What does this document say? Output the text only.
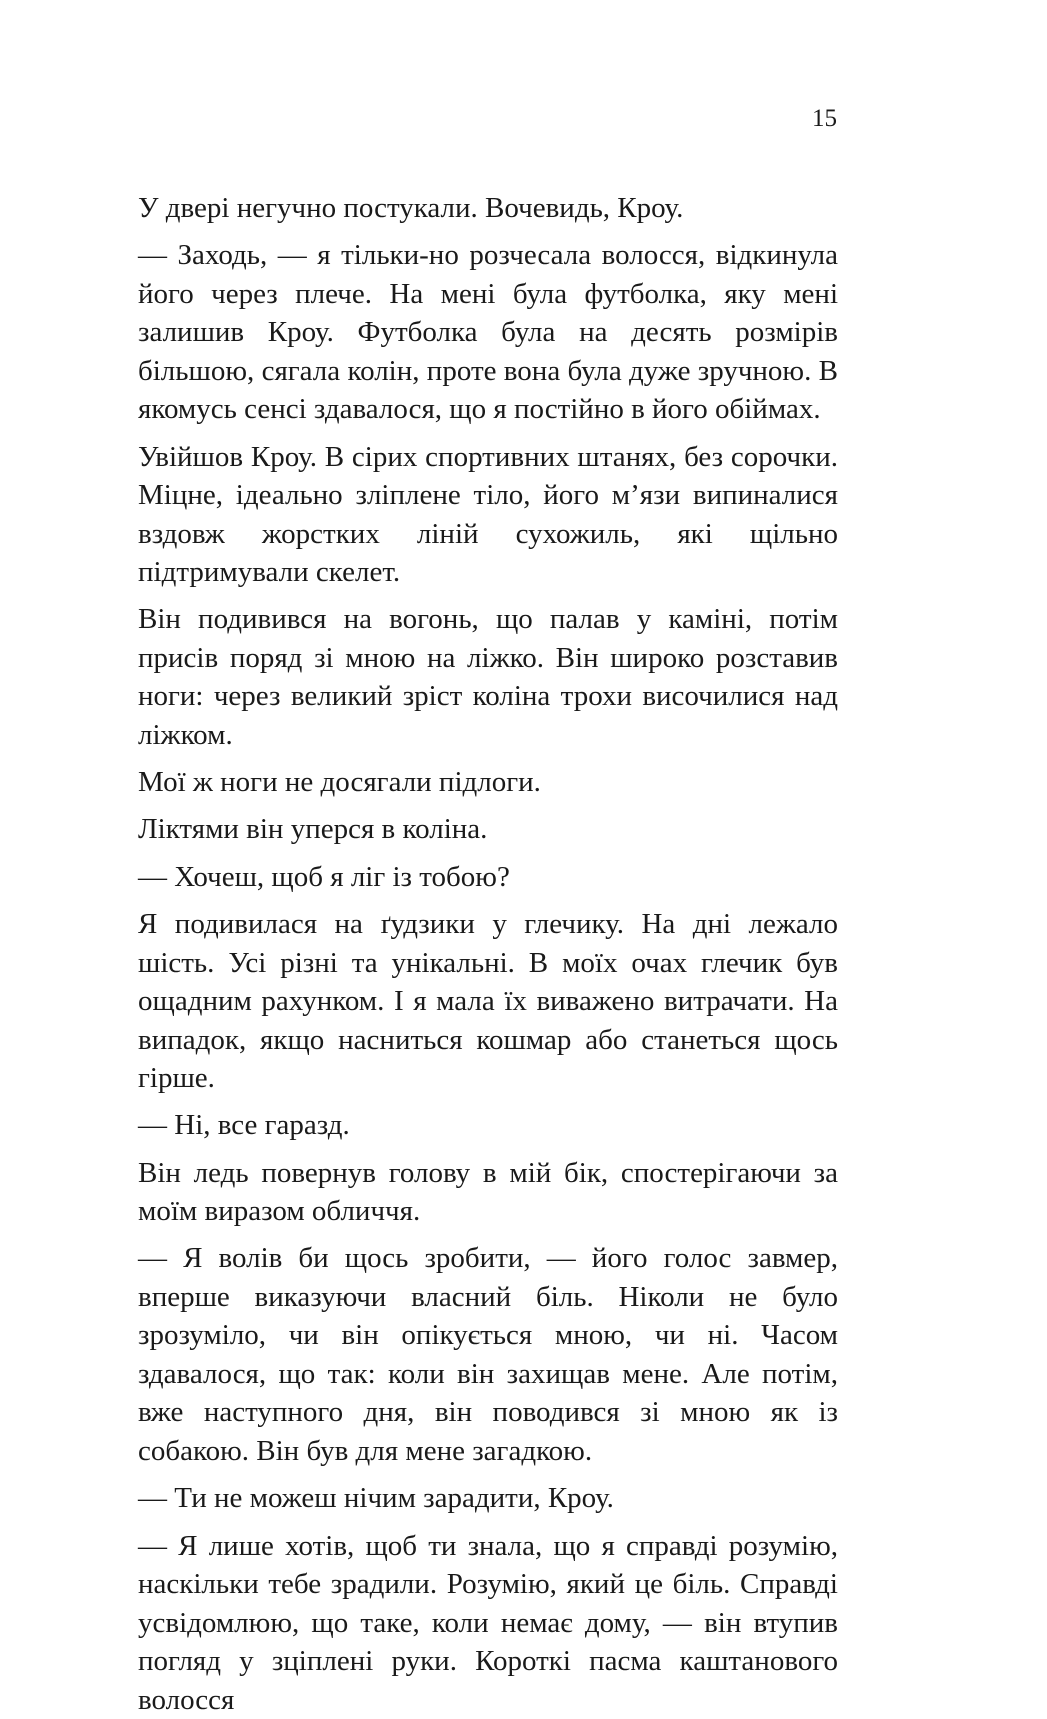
15

У двері негучно постукали. Вочевидь, Кроу.

— Заходь, — я тільки-но розчесала волосся, відкинула його через плече. На мені була футболка, яку мені залишив Кроу. Футболка була на десять розмірів більшою, сягала колін, проте вона була дуже зручною. В якомусь сенсі здавалося, що я постійно в його обіймах.

Увійшов Кроу. В сірих спортивних штанях, без сорочки. Міцне, ідеально зліплене тіло, його м’язи випиналися вздовж жорстких ліній сухожиль, які щільно підтримували скелет.

Він подивився на вогонь, що палав у каміні, потім присів поряд зі мною на ліжко. Він широко розставив ноги: через великий зріст коліна трохи височилися над ліжком.

Мої ж ноги не досягали підлоги.

Ліктями він уперся в коліна.

— Хочеш, щоб я ліг із тобою?

Я подивилася на ґудзики у глечику. На дні лежало шість. Усі різні та унікальні. В моїх очах глечик був ощадним рахунком. І я мала їх виважено витрачати. На випадок, якщо насниться кошмар або станеться щось гірше.

— Ні, все гаразд.

Він ледь повернув голову в мій бік, спостерігаючи за моїм виразом обличчя.

— Я волів би щось зробити, — його голос завмер, вперше виказуючи власний біль. Ніколи не було зрозуміло, чи він опікується мною, чи ні. Часом здавалося, що так: коли він захищав мене. Але потім, вже наступного дня, він поводився зі мною як із собакою. Він був для мене загадкою.

— Ти не можеш нічим зарадити, Кроу.

— Я лише хотів, щоб ти знала, що я справді розумію, наскільки тебе зрадили. Розумію, який це біль. Справді усвідомлюю, що таке, коли немає дому, — він втупив погляд у зціплені руки. Короткі пасма каштанового волосся
